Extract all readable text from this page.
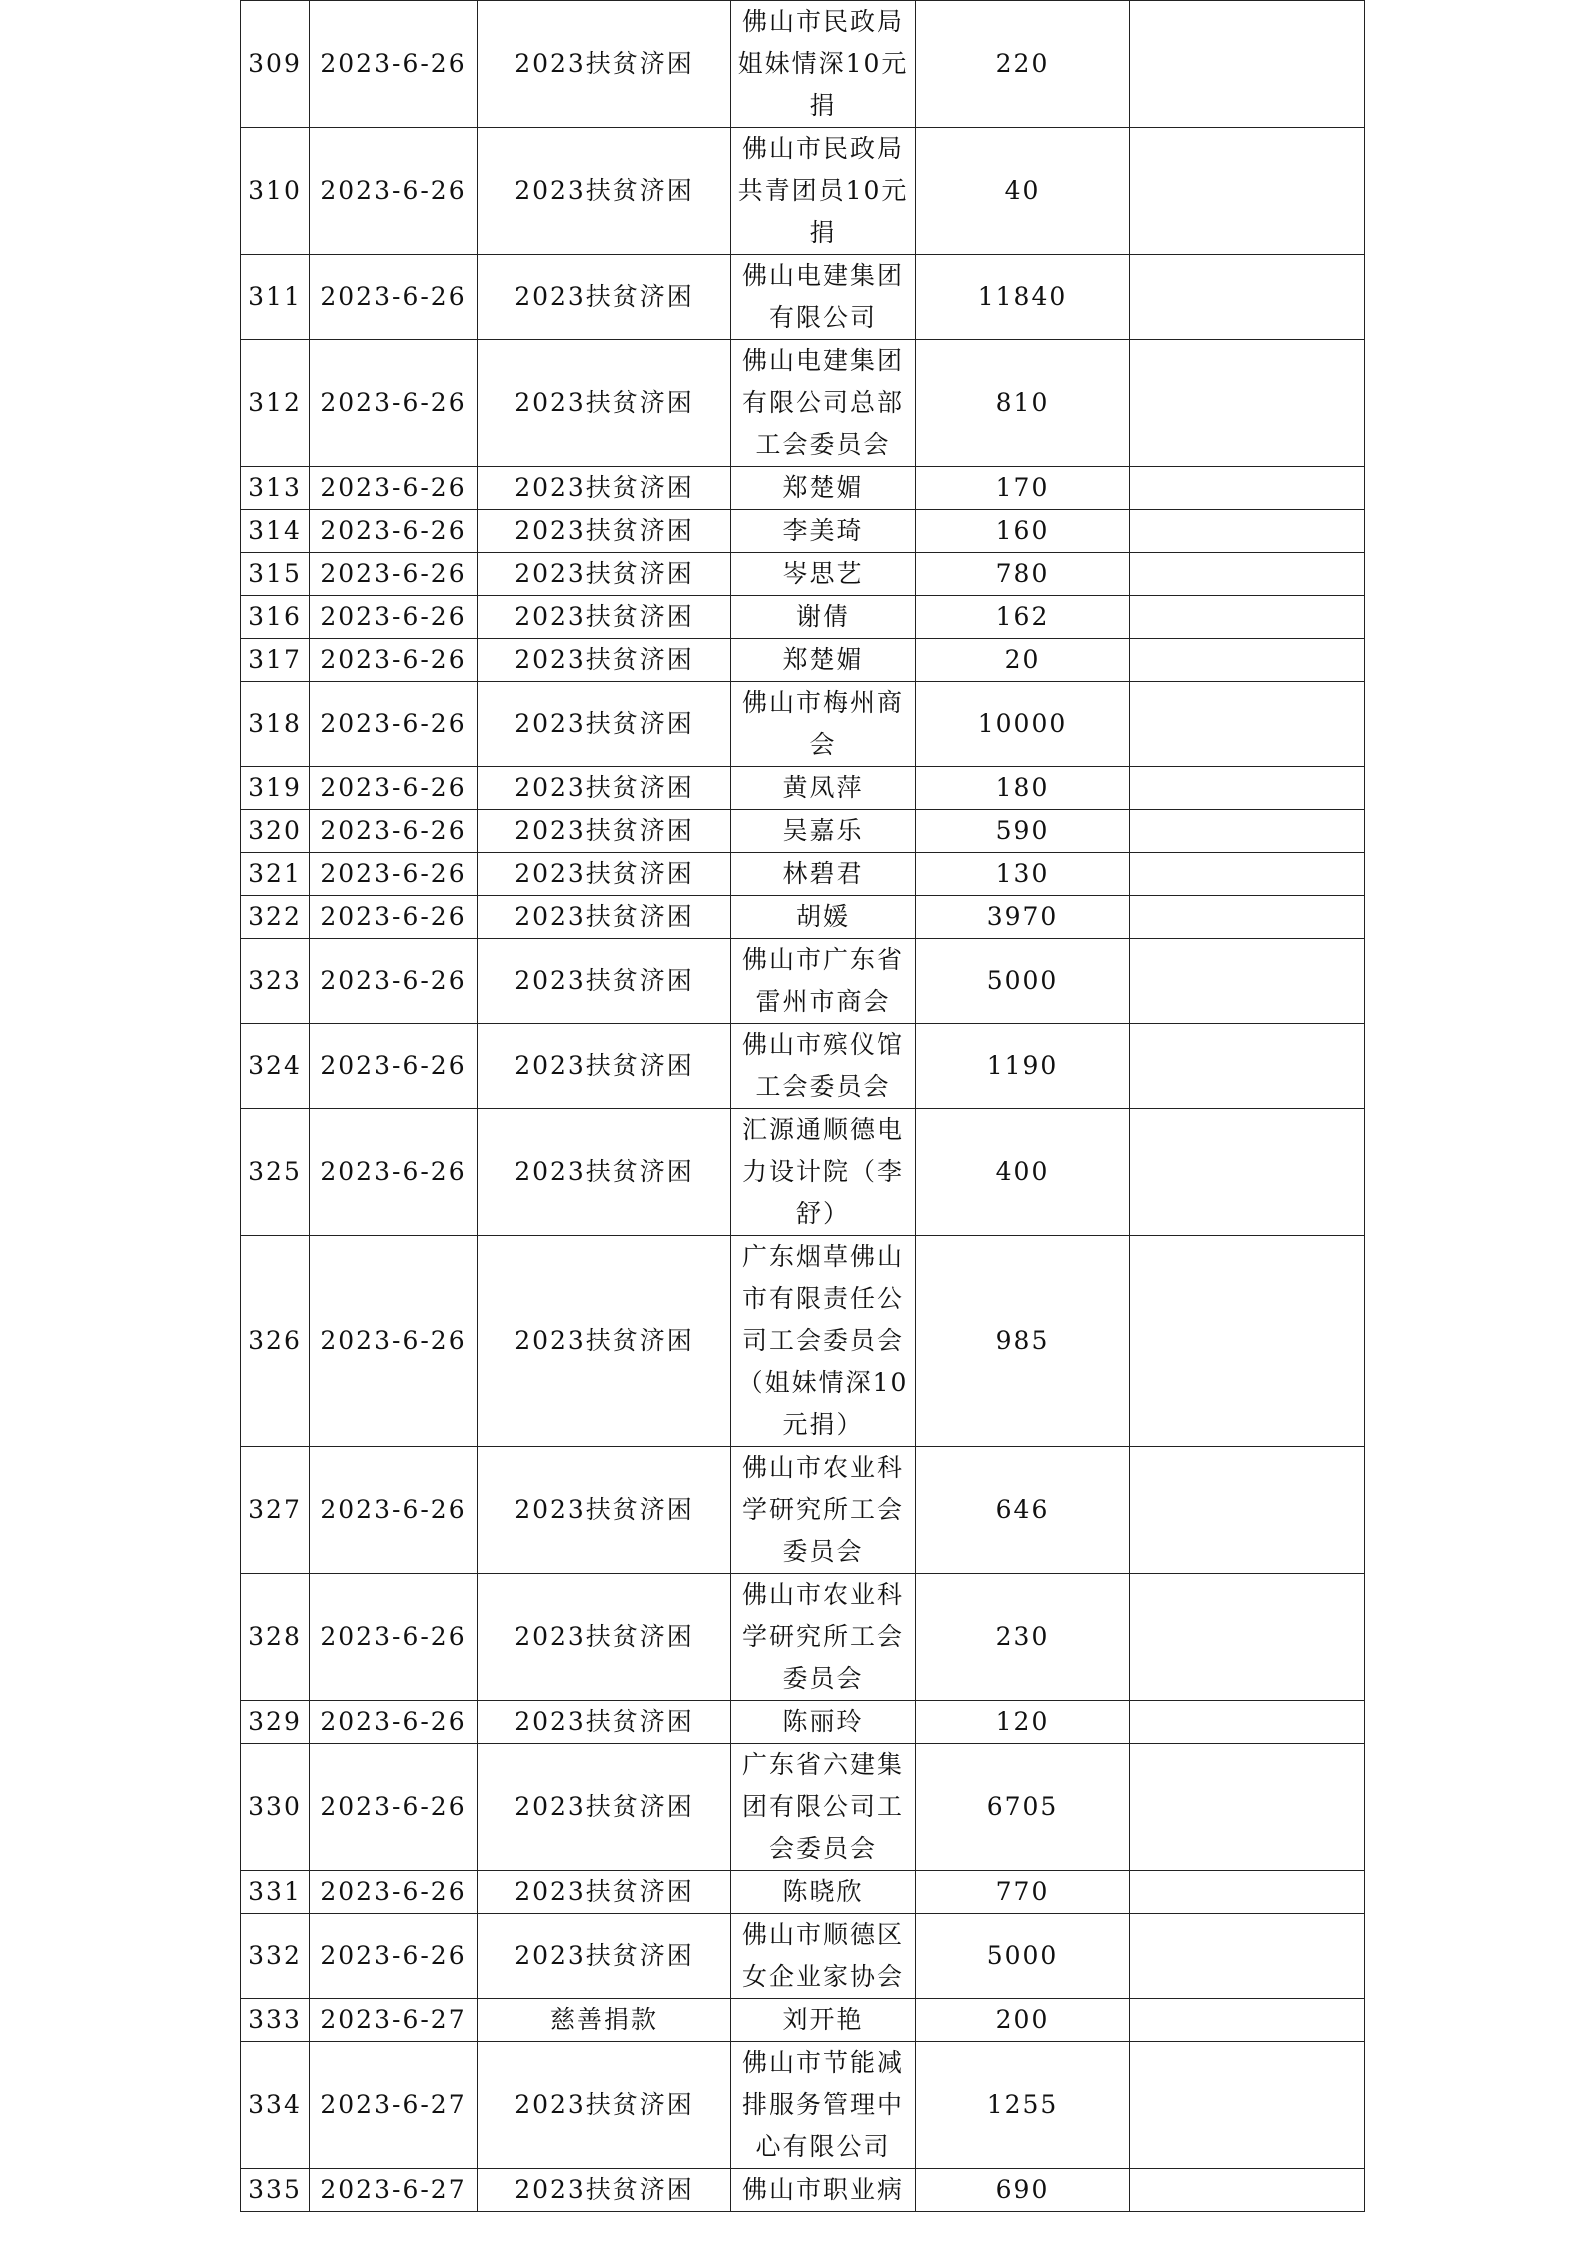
309	2023-6-26	2023扶贫济困	佛山市民政局姐妹情深10元捐	220	
310	2023-6-26	2023扶贫济困	佛山市民政局共青团员10元捐	40	
311	2023-6-26	2023扶贫济困	佛山电建集团有限公司	11840	
312	2023-6-26	2023扶贫济困	佛山电建集团有限公司总部工会委员会	810	
313	2023-6-26	2023扶贫济困	郑楚媚	170	
314	2023-6-26	2023扶贫济困	李美琦	160	
315	2023-6-26	2023扶贫济困	岑思艺	780	
316	2023-6-26	2023扶贫济困	谢倩	162	
317	2023-6-26	2023扶贫济困	郑楚媚	20	
318	2023-6-26	2023扶贫济困	佛山市梅州商会	10000	
319	2023-6-26	2023扶贫济困	黄凤萍	180	
320	2023-6-26	2023扶贫济困	吴嘉乐	590	
321	2023-6-26	2023扶贫济困	林碧君	130	
322	2023-6-26	2023扶贫济困	胡媛	3970	
323	2023-6-26	2023扶贫济困	佛山市广东省雷州市商会	5000	
324	2023-6-26	2023扶贫济困	佛山市殡仪馆工会委员会	1190	
325	2023-6-26	2023扶贫济困	汇源通顺德电力设计院（李舒）	400	
326	2023-6-26	2023扶贫济困	广东烟草佛山市有限责任公司工会委员会（姐妹情深10元捐）	985	
327	2023-6-26	2023扶贫济困	佛山市农业科学研究所工会委员会	646	
328	2023-6-26	2023扶贫济困	佛山市农业科学研究所工会委员会	230	
329	2023-6-26	2023扶贫济困	陈丽玲	120	
330	2023-6-26	2023扶贫济困	广东省六建集团有限公司工会委员会	6705	
331	2023-6-26	2023扶贫济困	陈晓欣	770	
332	2023-6-26	2023扶贫济困	佛山市顺德区女企业家协会	5000	
333	2023-6-27	慈善捐款	刘开艳	200	
334	2023-6-27	2023扶贫济困	佛山市节能减排服务管理中心有限公司	1255	
335	2023-6-27	2023扶贫济困	佛山市职业病	690	
